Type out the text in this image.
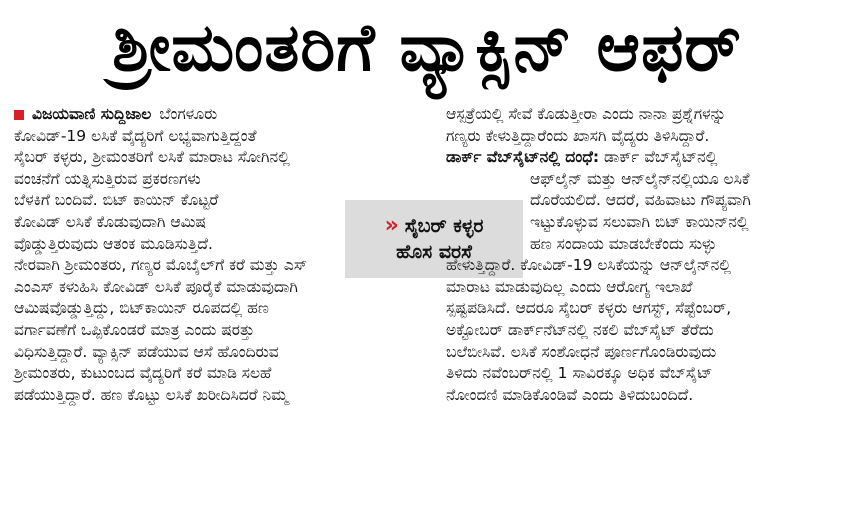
ಶ್ರೀಮಂತರಿಗೆ ವ್ಯಾಕ್ಸಿನ್ ಆಫರ್
ವಿಜಯವಾಣಿ ಸುದ್ದಿಜಾಲ ಬೆಂಗಳೂರು

ಕೋವಿಡ್-19 ಲಸಿಕೆ ವೈದ್ಯರಿಗೆ ಲಭ್ಯವಾಗುತ್ತಿದ್ದಂತೆ

ಸೈಬರ್ ಕಳ್ಳರು, ಶ್ರೀಮಂತರಿಗೆ ಲಸಿಕೆ ಮಾರಾಟ ಸೋಗಿನಲ್ಲಿ

ವಂಚನೆಗೆ ಯತ್ನಿಸುತ್ತಿರುವ ಪ್ರಕರಣಗಳು

ಬೆಳಕಿಗೆ ಬಂದಿವೆ. ಬಿಟ್ ಕಾಯಿನ್ ಕೊಟ್ಟರೆ

ಕೋವಿಡ್ ಲಸಿಕೆ ಕೊಡುವುದಾಗಿ ಆಮಿಷ

ವೊಡ್ಡುತ್ತಿರುವುದು ಆತಂಕ ಮೂಡಿಸುತ್ತಿದೆ.

ನೇರವಾಗಿ ಶ್ರೀಮಂತರು, ಗಣ್ಯರ ಮೊಬೈಲ್‌ಗೆ ಕರೆ ಮತ್ತು ಎಸ್

ಎಂಎಸ್ ಕಳುಹಿಸಿ ಕೋವಿಡ್ ಲಸಿಕೆ ಪೂರೈಕೆ ಮಾಡುವುದಾಗಿ

ಆಮಿಷವೊಡ್ಡುತ್ತಿದ್ದು, ಬಿಟ್‌ಕಾಯಿನ್ ರೂಪದಲ್ಲಿ ಹಣ

ವರ್ಗಾವಣೆಗೆ ಒಪ್ಪಿಕೊಂಡರೆ ಮಾತ್ರ ಎಂದು ಷರತ್ತು

ವಿಧಿಸುತ್ತಿದ್ದಾರೆ. ವ್ಯಾಕ್ಸಿನ್ ಪಡೆಯುವ ಆಸೆ ಹೊಂದಿರುವ

ಶ್ರೀಮಂತರು, ಕುಟುಂಬದ ವೈದ್ಯರಿಗೆ ಕರೆ ಮಾಡಿ ಸಲಹೆ

ಪಡೆಯುತ್ತಿದ್ದಾರೆ. ಹಣ ಕೊಟ್ಟು ಲಸಿಕೆ ಖರೀದಿಸಿದರೆ ನಿಮ್ಮ

» ಸೈಬರ್ ಕಳ್ಳರ
ಹೊಸ ವರಸೆ

ಆಸ್ಪತ್ರೆಯಲ್ಲಿ ಸೇವೆ ಕೊಡುತ್ತೀರಾ ಎಂದು ನಾನಾ ಪ್ರಶ್ನೆಗಳನ್ನು

ಗಣ್ಯರು ಕೇಳುತ್ತಿದ್ದಾರೆಂದು ಖಾಸಗಿ ವೈದ್ಯರು ತಿಳಿಸಿದ್ದಾರೆ.

ಡಾರ್ಕ್ ವೆಬ್‌ಸೈಟ್‌ನಲ್ಲಿ ದಂಧೆ: ಡಾರ್ಕ್ ವೆಬ್‌ಸೈಟ್‌ನಲ್ಲಿ

ಆಫ್‌ಲೈನ್ ಮತ್ತು ಆನ್‌ಲೈನ್‌ನಲ್ಲಿಯೂ ಲಸಿಕೆ

ದೊರೆಯಲಿದೆ. ಆದರೆ, ವಹಿವಾಟು ಗೌಪ್ಯವಾಗಿ

ಇಟ್ಟುಕೊಳ್ಳುವ ಸಲುವಾಗಿ ಬಿಟ್ ಕಾಯಿನ್‌ನಲ್ಲಿ

ಹಣ ಸಂದಾಯ ಮಾಡಬೇಕೆಂದು ಸುಳ್ಳು

ಹೇಳುತ್ತಿದ್ದಾರೆ. ಕೋವಿಡ್-19 ಲಸಿಕೆಯನ್ನು ಆನ್‌ಲೈನ್‌ನಲ್ಲಿ

ಮಾರಾಟ ಮಾಡುವುದಿಲ್ಲ ಎಂದು ಆರೋಗ್ಯ ಇಲಾಖೆ

ಸ್ಪಷ್ಟಪಡಿಸಿದೆ. ಆದರೂ ಸೈಬರ್ ಕಳ್ಳರು ಆಗಸ್ಟ್, ಸೆಪ್ಟೆಂಬರ್,

ಅಕ್ಟೋಬರ್ ಡಾರ್ಕ್‌ನೆಟ್‌ನಲ್ಲಿ ನಕಲಿ ವೆಬ್‌ಸೈಟ್ ತೆರೆದು

ಬಲೆಬೀಸಿವೆ. ಲಸಿಕೆ ಸಂಶೋಧನೆ ಪೂರ್ಣಗೊಂಡಿರುವುದು

ತಿಳಿದು ನವೆಂಬರ್‌ನಲ್ಲಿ 1 ಸಾವಿರಕ್ಕೂ ಅಧಿಕ ವೆಬ್‌ಸೈಟ್

ನೋಂದಣಿ ಮಾಡಿಕೊಂಡಿವೆ ಎಂದು ತಿಳಿದುಬಂದಿದೆ.
